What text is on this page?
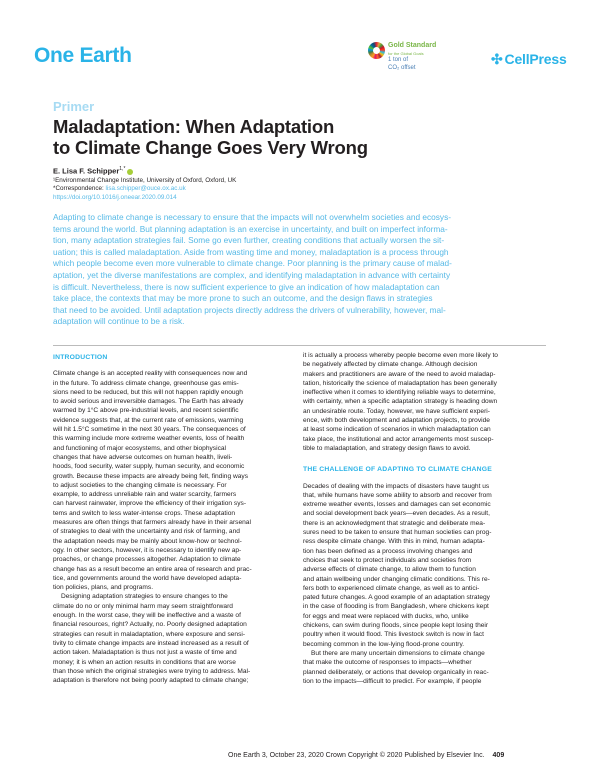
One Earth	Gold Standard
for the Global Goals
1 ton of
CO₂ offset
✣ CellPress
Primer
Maladaptation: When Adaptation
to Climate Change Goes Very Wrong
E. Lisa F. Schipper$^{1,*}$
¹Environmental Change Institute, University of Oxford, Oxford, UK
*Correspondence: lisa.schipper@ouce.ox.ac.uk
https://doi.org/10.1016/j.oneear.2020.09.014
Adapting to climate change is necessary to ensure that the impacts will not overwhelm societies and ecosys-
tems around the world. But planning adaptation is an exercise in uncertainty, and built on imperfect informa-
tion, many adaptation strategies fail. Some go even further, creating conditions that actually worsen the sit-
uation; this is called maladaptation. Aside from wasting time and money, maladaptation is a process through
which people become even more vulnerable to climate change. Poor planning is the primary cause of malad-
aptation, yet the diverse manifestations are complex, and identifying maladaptation in advance with certainty
is difficult. Nevertheless, there is now sufficient experience to give an indication of how maladaptation can
take place, the contexts that may be more prone to such an outcome, and the design flaws in strategies
that need to be avoided. Until adaptation projects directly address the drivers of vulnerability, however, mal-
adaptation will continue to be a risk.
INTRODUCTION
Climate change is an accepted reality with consequences now and
in the future. To address climate change, greenhouse gas emis-
sions need to be reduced, but this will not happen rapidly enough
to avoid serious and irreversible damages. The Earth has already
warmed by 1°C above pre-industrial levels, and recent scientific
evidence suggests that, at the current rate of emissions, warming
will hit 1.5°C sometime in the next 30 years. The consequences of
this warming include more extreme weather events, loss of health
and functioning of major ecosystems, and other biophysical
changes that have adverse outcomes on human health, liveli-
hoods, food security, water supply, human security, and economic
growth. Because these impacts are already being felt, finding ways
to adjust societies to the changing climate is necessary. For
example, to address unreliable rain and water scarcity, farmers
can harvest rainwater, improve the efficiency of their irrigation sys-
tems and switch to less water-intense crops. These adaptation
measures are often things that farmers already have in their arsenal
of strategies to deal with the uncertainty and risk of farming, and
the adaptation needs may be mainly about know-how or technol-
ogy. In other sectors, however, it is necessary to identify new ap-
proaches, or change processes altogether. Adaptation to climate
change has as a result become an entire area of research and prac-
tice, and governments around the world have developed adapta-
tion policies, plans, and programs.
Designing adaptation strategies to ensure changes to the
climate do no or only minimal harm may seem straightforward
enough. In the worst case, they will be ineffective and a waste of
financial resources, right? Actually, no. Poorly designed adaptation
strategies can result in maladaptation, where exposure and sensi-
tivity to climate change impacts are instead increased as a result of
action taken. Maladaptation is thus not just a waste of time and
money; it is when an action results in conditions that are worse
than those which the original strategies were trying to address. Mal-
adaptation is therefore not being poorly adapted to climate change;
it is actually a process whereby people become even more likely to
be negatively affected by climate change. Although decision
makers and practitioners are aware of the need to avoid maladap-
tation, historically the science of maladaptation has been generally
ineffective when it comes to identifying reliable ways to determine,
with certainty, when a specific adaptation strategy is heading down
an undesirable route. Today, however, we have sufficient experi-
ence, with both development and adaptation projects, to provide
at least some indication of scenarios in which maladaptation can
take place, the institutional and actor arrangements most suscep-
tible to maladaptation, and strategy design flaws to avoid.
THE CHALLENGE OF ADAPTING TO CLIMATE CHANGE
Decades of dealing with the impacts of disasters have taught us
that, while humans have some ability to absorb and recover from
extreme weather events, losses and damages can set economic
and social development back years—even decades. As a result,
there is an acknowledgment that strategic and deliberate mea-
sures need to be taken to ensure that human societies can prog-
ress despite climate change. With this in mind, human adapta-
tion has been defined as a process involving changes and
choices that seek to protect individuals and societies from
adverse effects of climate change, to allow them to function
and attain wellbeing under changing climatic conditions. This re-
fers both to experienced climate change, as well as to antici-
pated future changes. A good example of an adaptation strategy
in the case of flooding is from Bangladesh, where chickens kept
for eggs and meat were replaced with ducks, who, unlike
chickens, can swim during floods, since people kept losing their
poultry when it would flood. This livestock switch is now in fact
becoming common in the low-lying flood-prone country.
But there are many uncertain dimensions to climate change
that make the outcome of responses to impacts—whether
planned deliberately, or actions that develop organically in reac-
tion to the impacts—difficult to predict. For example, if people
One Earth 3, October 23, 2020 Crown Copyright © 2020 Published by Elsevier Inc. 409
